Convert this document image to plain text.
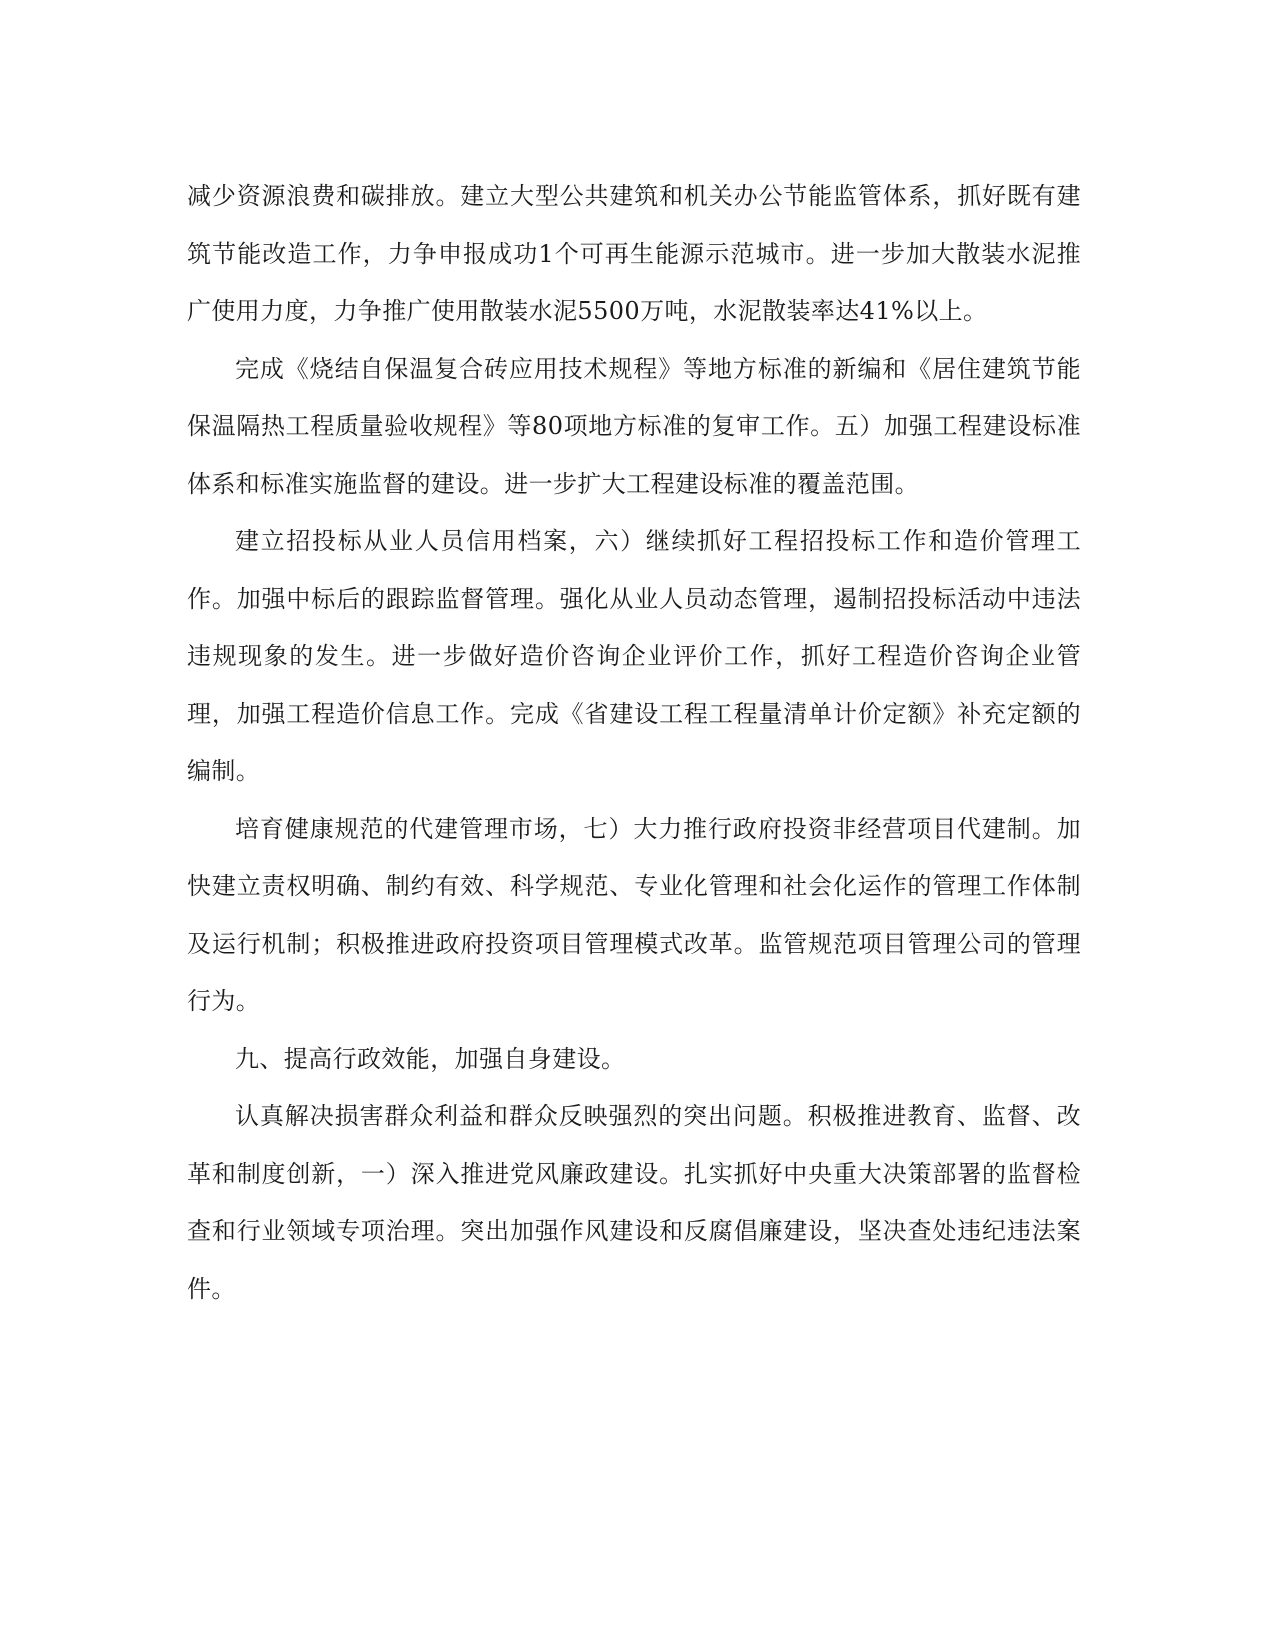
减少资源浪费和碳排放。建立大型公共建筑和机关办公节能监管体系，抓好既有建筑节能改造工作，力争申报成功1个可再生能源示范城市。进一步加大散装水泥推广使用力度，力争推广使用散装水泥5500万吨，水泥散装率达41%以上。

完成《烧结自保温复合砖应用技术规程》等地方标准的新编和《居住建筑节能保温隔热工程质量验收规程》等80项地方标准的复审工作。五）加强工程建设标准体系和标准实施监督的建设。进一步扩大工程建设标准的覆盖范围。

建立招投标从业人员信用档案，六）继续抓好工程招投标工作和造价管理工作。加强中标后的跟踪监督管理。强化从业人员动态管理，遏制招投标活动中违法违规现象的发生。进一步做好造价咨询企业评价工作，抓好工程造价咨询企业管理，加强工程造价信息工作。完成《省建设工程工程量清单计价定额》补充定额的编制。

培育健康规范的代建管理市场，七）大力推行政府投资非经营项目代建制。加快建立责权明确、制约有效、科学规范、专业化管理和社会化运作的管理工作体制及运行机制；积极推进政府投资项目管理模式改革。监管规范项目管理公司的管理行为。

九、提高行政效能，加强自身建设。

认真解决损害群众利益和群众反映强烈的突出问题。积极推进教育、监督、改革和制度创新，一）深入推进党风廉政建设。扎实抓好中央重大决策部署的监督检查和行业领域专项治理。突出加强作风建设和反腐倡廉建设，坚决查处违纪违法案件。
